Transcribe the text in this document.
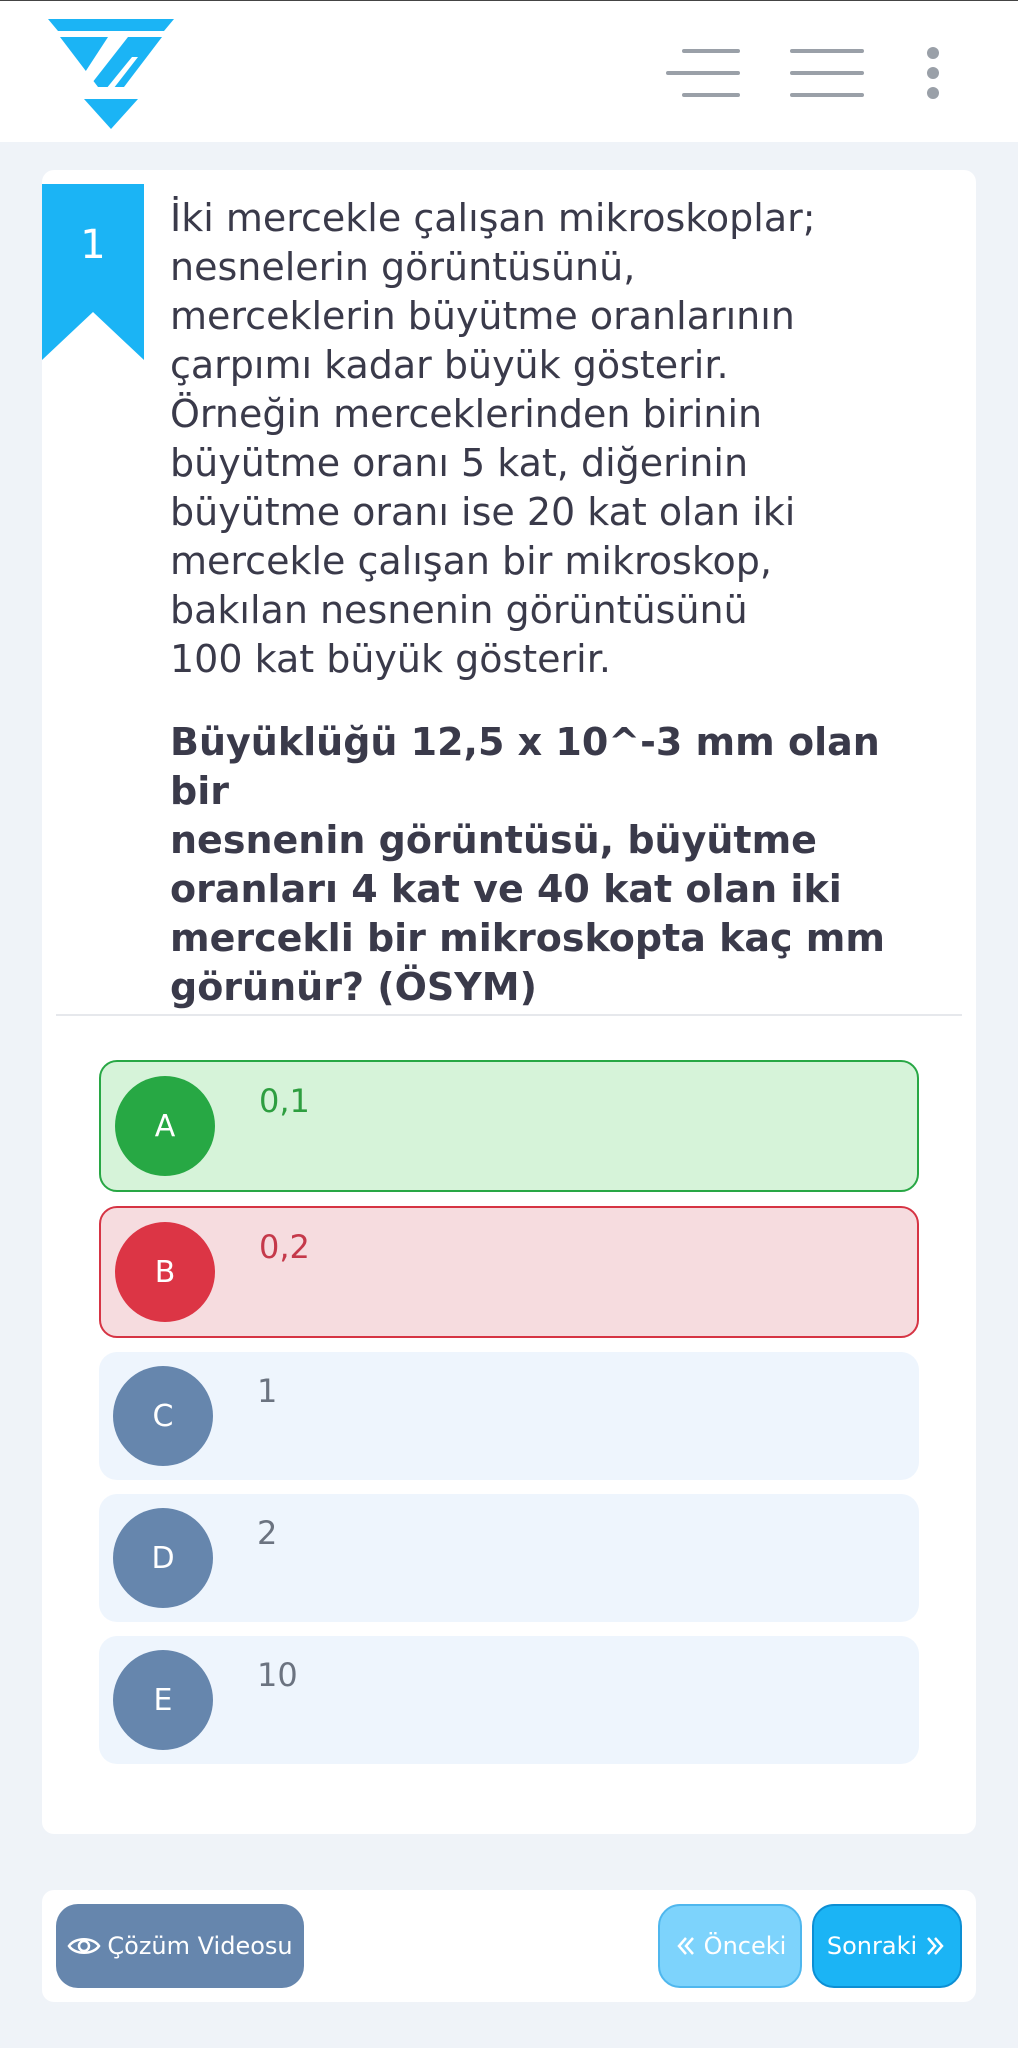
1

İki mercekle çalışan mikroskoplar;

nesnelerin görüntüsünü,

merceklerin büyütme oranlarının

çarpımı kadar büyük gösterir.

Örneğin merceklerinden birinin

büyütme oranı 5 kat, diğerinin

büyütme oranı ise 20 kat olan iki

mercekle çalışan bir mikroskop,

bakılan nesnenin görüntüsünü

100 kat büyük gösterir.

Büyüklüğü 12,5 x 10^-3 mm olan bir
nesnenin görüntüsü, büyütme
oranları 4 kat ve 40 kat olan iki
mercekli bir mikroskopta kaç mm
görünür? (ÖSYM)
A
0,1
B
0,2
C
1
D
2
E
10
Çözüm Videosu	Önceki Sonraki
